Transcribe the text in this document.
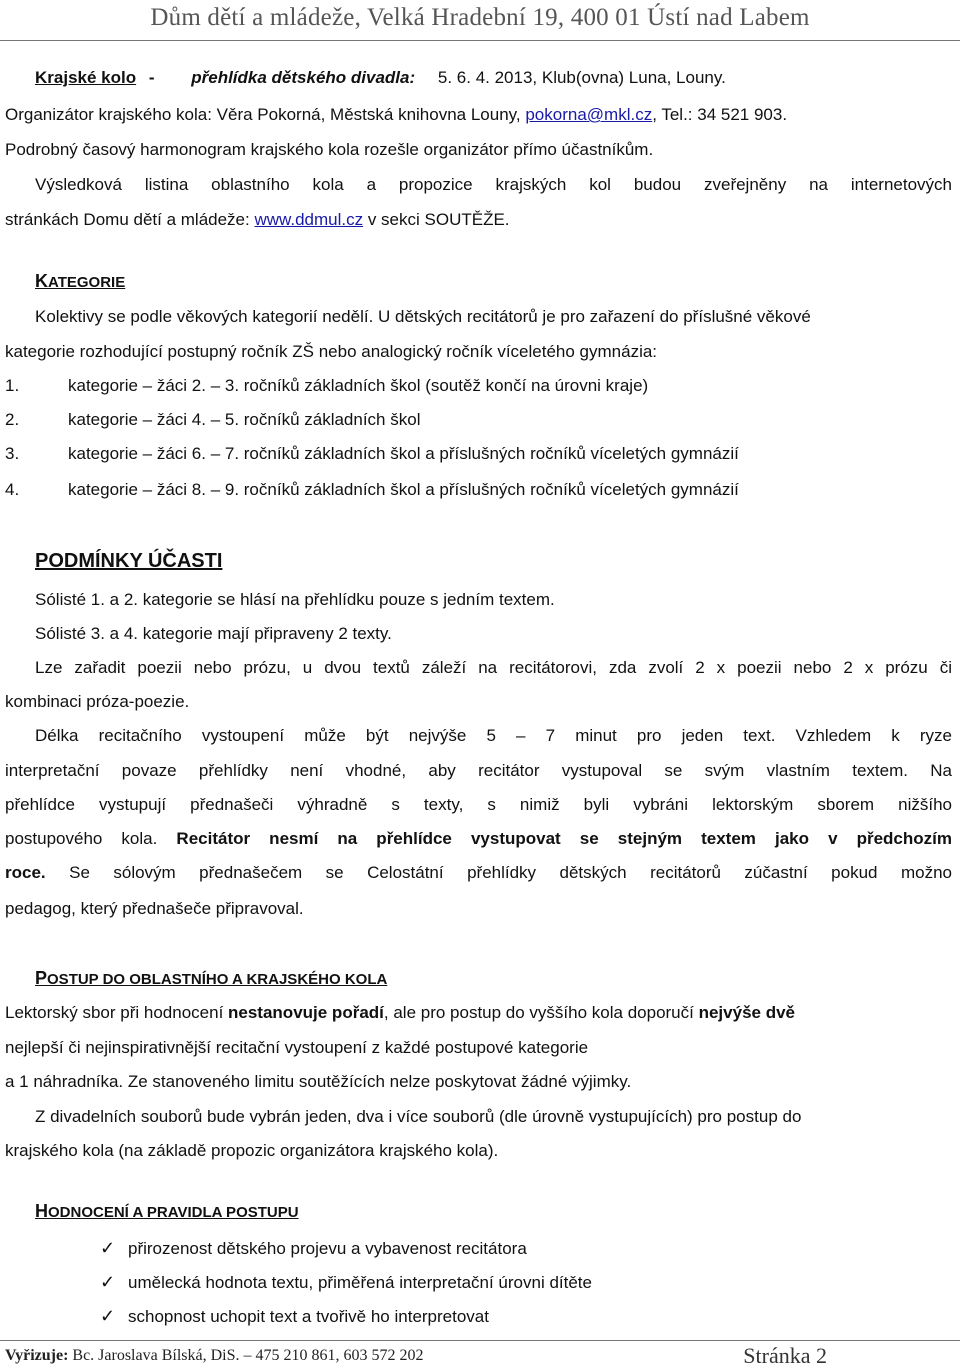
Dům dětí a mládeže, Velká Hradební 19, 400 01 Ústí nad Labem
Krajské kolo - přehlídka dětského divadla: 5. 6. 4. 2013, Klub(ovna) Luna, Louny.
Organizátor krajského kola: Věra Pokorná, Městská knihovna Louny, pokorna@mkl.cz, Tel.: 34 521 903.
Podrobný časový harmonogram krajského kola rozešle organizátor přímo účastníkům.
Výsledková listina oblastního kola a propozice krajských kol budou zveřejněny na internetových
stránkách Domu dětí a mládeže: www.ddmul.cz v sekci SOUTĚŽE.
KATEGORIE
Kolektivy se podle věkových kategorií nedělí. U dětských recitátorů je pro zařazení do příslušné věkové
kategorie rozhodující postupný ročník ZŠ nebo analogický ročník víceletého gymnázia:
1.	kategorie – žáci 2. – 3. ročníků základních škol (soutěž končí na úrovni kraje)
2.	kategorie – žáci 4. – 5. ročníků základních škol
3.	kategorie – žáci 6. – 7. ročníků základních škol a příslušných ročníků víceletých gymnázií
4.	kategorie – žáci 8. – 9. ročníků základních škol a příslušných ročníků víceletých gymnázií
PODMÍNKY ÚČASTI
Sólisté 1. a 2. kategorie se hlásí na přehlídku pouze s jedním textem.
Sólisté 3. a 4. kategorie mají připraveny 2 texty.
Lze zařadit poezii nebo prózu, u dvou textů záleží na recitátorovi, zda zvolí 2 x poezii nebo 2 x prózu či
kombinaci próza-poezie.
Délka recitačního vystoupení může být nejvýše 5 – 7 minut pro jeden text. Vzhledem k ryze
interpretační povaze přehlídky není vhodné, aby recitátor vystupoval se svým vlastním textem. Na
přehlídce vystupují přednašeči výhradně s texty, s nimiž byli vybráni lektorským sborem nižšího
postupového kola. Recitátor nesmí na přehlídce vystupovat se stejným textem jako v předchozím
roce. Se sólovým přednašečem se Celostátní přehlídky dětských recitátorů zúčastní pokud možno
pedagog, který přednašeče připravoval.
POSTUP DO OBLASTNÍHO A KRAJSKÉHO KOLA
Lektorský sbor při hodnocení nestanovuje pořadí, ale pro postup do vyššího kola doporučí nejvýše dvě
nejlepší či nejinspirativnější recitační vystoupení z každé postupové kategorie
a 1 náhradníka. Ze stanoveného limitu soutěžících nelze poskytovat žádné výjimky.
Z divadelních souborů bude vybrán jeden, dva i více souborů (dle úrovně vystupujících) pro postup do
krajského kola (na základě propozic organizátora krajského kola).
HODNOCENÍ A PRAVIDLA POSTUPU
✓ přirozenost dětského projevu a vybavenost recitátora
✓ umělecká hodnota textu, přiměřená interpretační úrovni dítěte
✓ schopnost uchopit text a tvořivě ho interpretovat
Vyřizuje: Bc. Jaroslava Bílská, DiS. – 475 210 861, 603 572 202	Stránka 2
